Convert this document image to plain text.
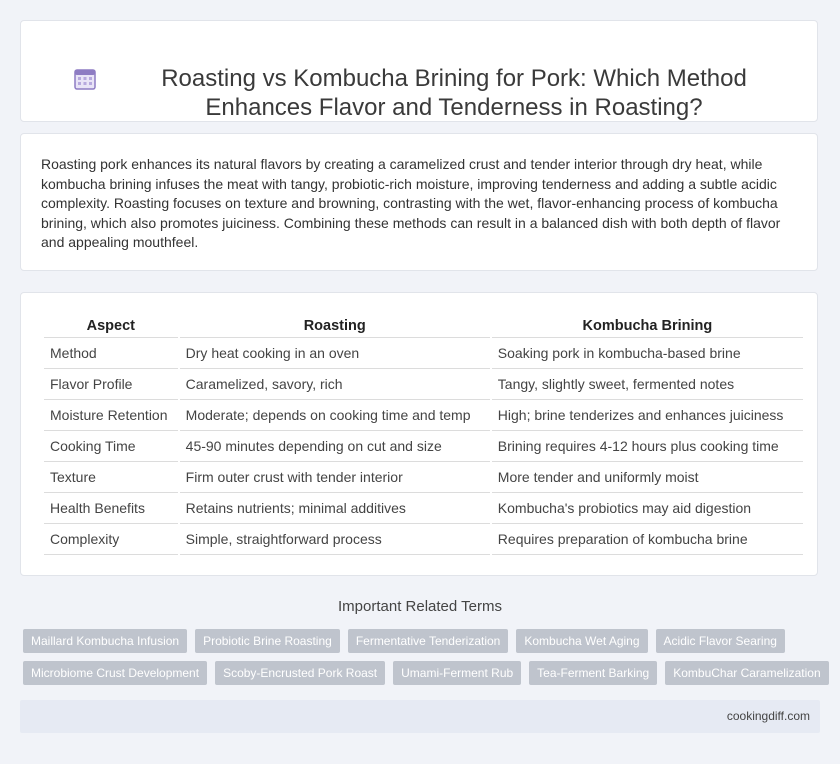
Roasting vs Kombucha Brining for Pork: Which Method Enhances Flavor and Tenderness in Roasting?

Roasting pork enhances its natural flavors by creating a caramelized crust and tender interior through dry heat, while kombucha brining infuses the meat with tangy, probiotic-rich moisture, improving tenderness and adding a subtle acidic complexity. Roasting focuses on texture and browning, contrasting with the wet, flavor-enhancing process of kombucha brining, which also promotes juiciness. Combining these methods can result in a balanced dish with both depth of flavor and appealing mouthfeel.

Aspect	Roasting	Kombucha Brining
Method	Dry heat cooking in an oven	Soaking pork in kombucha-based brine
Flavor Profile	Caramelized, savory, rich	Tangy, slightly sweet, fermented notes
Moisture Retention	Moderate; depends on cooking time and temp	High; brine tenderizes and enhances juiciness
Cooking Time	45-90 minutes depending on cut and size	Brining requires 4-12 hours plus cooking time
Texture	Firm outer crust with tender interior	More tender and uniformly moist
Health Benefits	Retains nutrients; minimal additives	Kombucha's probiotics may aid digestion
Complexity	Simple, straightforward process	Requires preparation of kombucha brine
Important Related Terms
Maillard Kombucha Infusion	Probiotic Brine Roasting	Fermentative Tenderization	Kombucha Wet Aging	Acidic Flavor Searing
Microbiome Crust Development	Scoby-Encrusted Pork Roast	Umami-Ferment Rub	Tea-Ferment Barking	KombuChar Caramelization
cookingdiff.com
